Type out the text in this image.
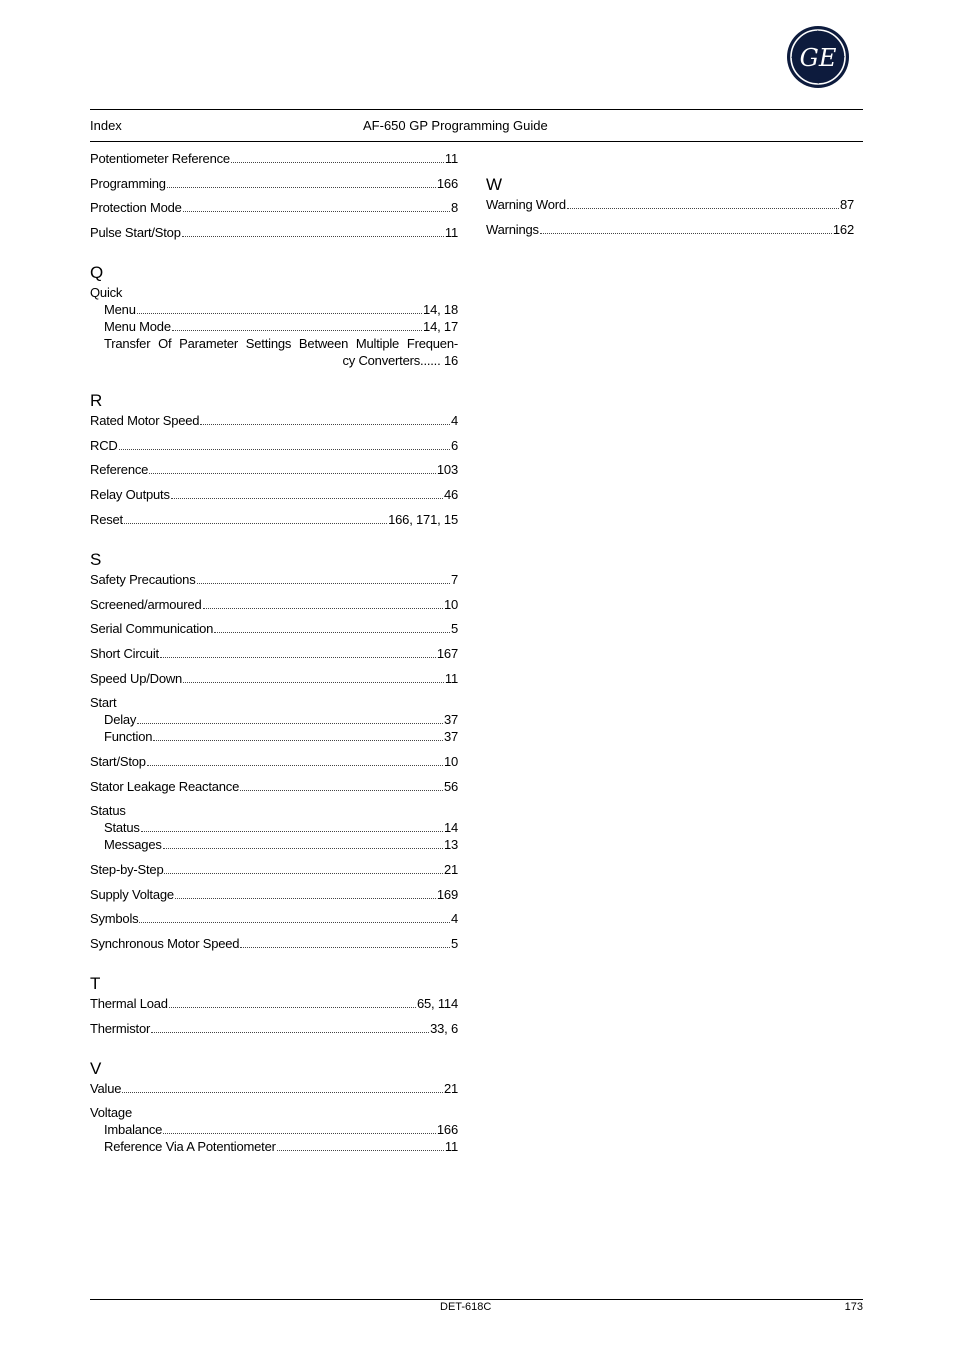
GE
Index	AF-650 GP Programming Guide
Potentiometer Reference	11
Programming	166
Protection Mode	8
Pulse Start/Stop	11
Q
Quick
Menu	14, 18
Menu Mode	14, 17
Transfer Of Parameter Settings Between Multiple Frequen-
cy Converters...... 16
R
Rated Motor Speed	4
RCD	6
Reference	103
Relay Outputs	46
Reset	166, 171, 15
S
Safety Precautions	7
Screened/armoured	10
Serial Communication	5
Short Circuit	167
Speed Up/Down	11
Start
Delay	37
Function	37
Start/Stop	10
Stator Leakage Reactance	56
Status
Status	14
Messages	13
Step-by-Step	21
Supply Voltage	169
Symbols	4
Synchronous Motor Speed	5
T
Thermal Load	65, 114
Thermistor	33, 6
V
Value	21
Voltage
Imbalance	166
Reference Via A Potentiometer	11
W
Warning Word	87
Warnings	162
DET-618C	173
